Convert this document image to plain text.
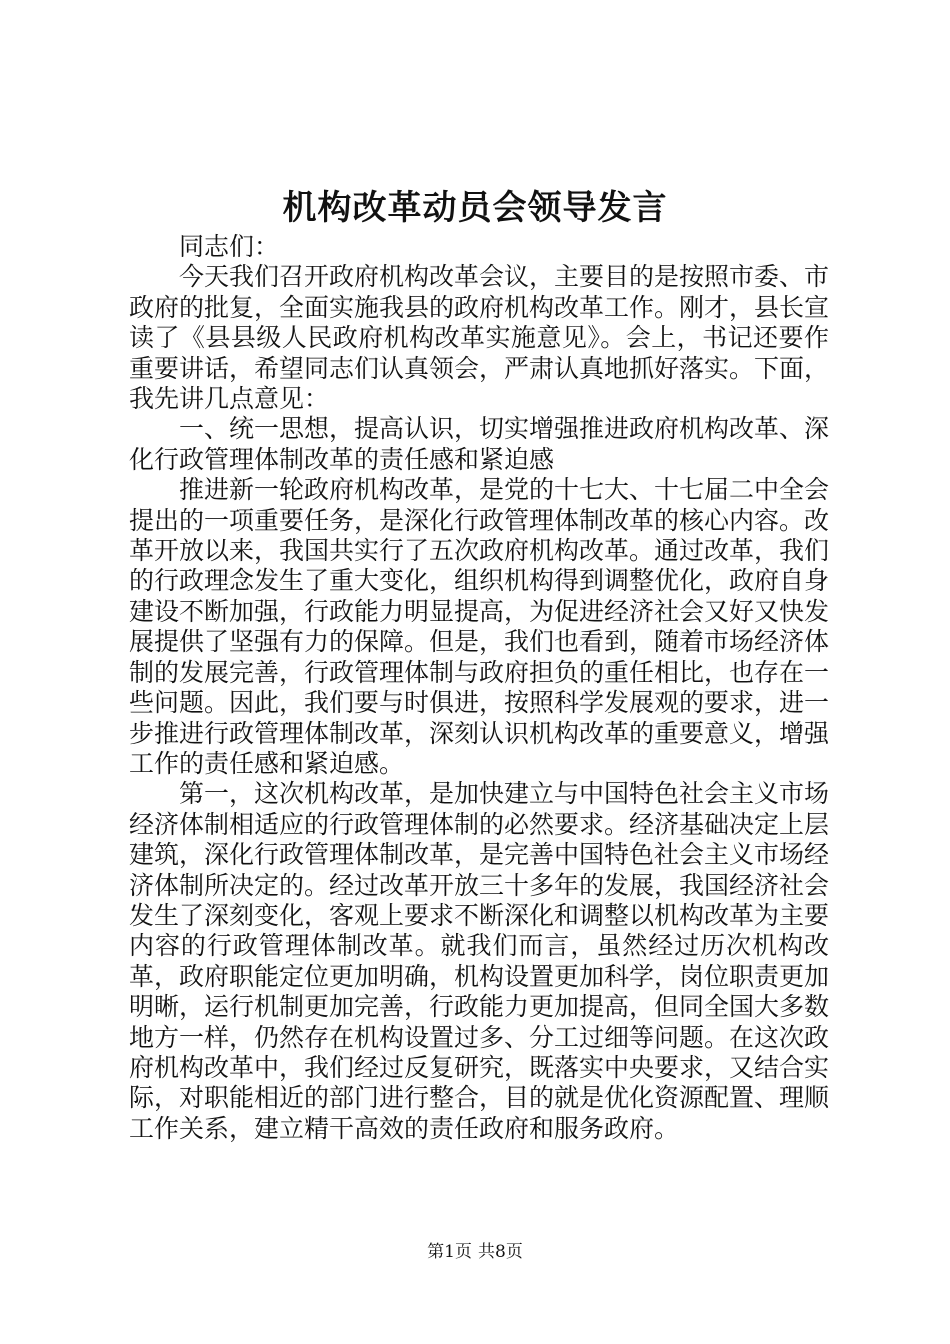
机构改革动员会领导发言

同志们：

今天我们召开政府机构改革会议，主要目的是按照市委、市政府的批复，全面实施我县的政府机构改革工作。刚才，县长宣读了《县县级人民政府机构改革实施意见》。会上，书记还要作重要讲话，希望同志们认真领会，严肃认真地抓好落实。下面，我先讲几点意见：

一、统一思想，提高认识，切实增强推进政府机构改革、深化行政管理体制改革的责任感和紧迫感

推进新一轮政府机构改革，是党的十七大、十七届二中全会提出的一项重要任务，是深化行政管理体制改革的核心内容。改革开放以来，我国共实行了五次政府机构改革。通过改革，我们的行政理念发生了重大变化，组织机构得到调整优化，政府自身建设不断加强，行政能力明显提高，为促进经济社会又好又快发展提供了坚强有力的保障。但是，我们也看到，随着市场经济体制的发展完善，行政管理体制与政府担负的重任相比，也存在一些问题。因此，我们要与时俱进，按照科学发展观的要求，进一步推进行政管理体制改革，深刻认识机构改革的重要意义，增强工作的责任感和紧迫感。

第一，这次机构改革，是加快建立与中国特色社会主义市场经济体制相适应的行政管理体制的必然要求。经济基础决定上层建筑，深化行政管理体制改革，是完善中国特色社会主义市场经济体制所决定的。经过改革开放三十多年的发展，我国经济社会发生了深刻变化，客观上要求不断深化和调整以机构改革为主要内容的行政管理体制改革。就我们而言，虽然经过历次机构改革，政府职能定位更加明确，机构设置更加科学，岗位职责更加明晰，运行机制更加完善，行政能力更加提高，但同全国大多数地方一样，仍然存在机构设置过多、分工过细等问题。在这次政府机构改革中，我们经过反复研究，既落实中央要求，又结合实际，对职能相近的部门进行整合，目的就是优化资源配置、理顺工作关系，建立精干高效的责任政府和服务政府。

第1页 共8页
